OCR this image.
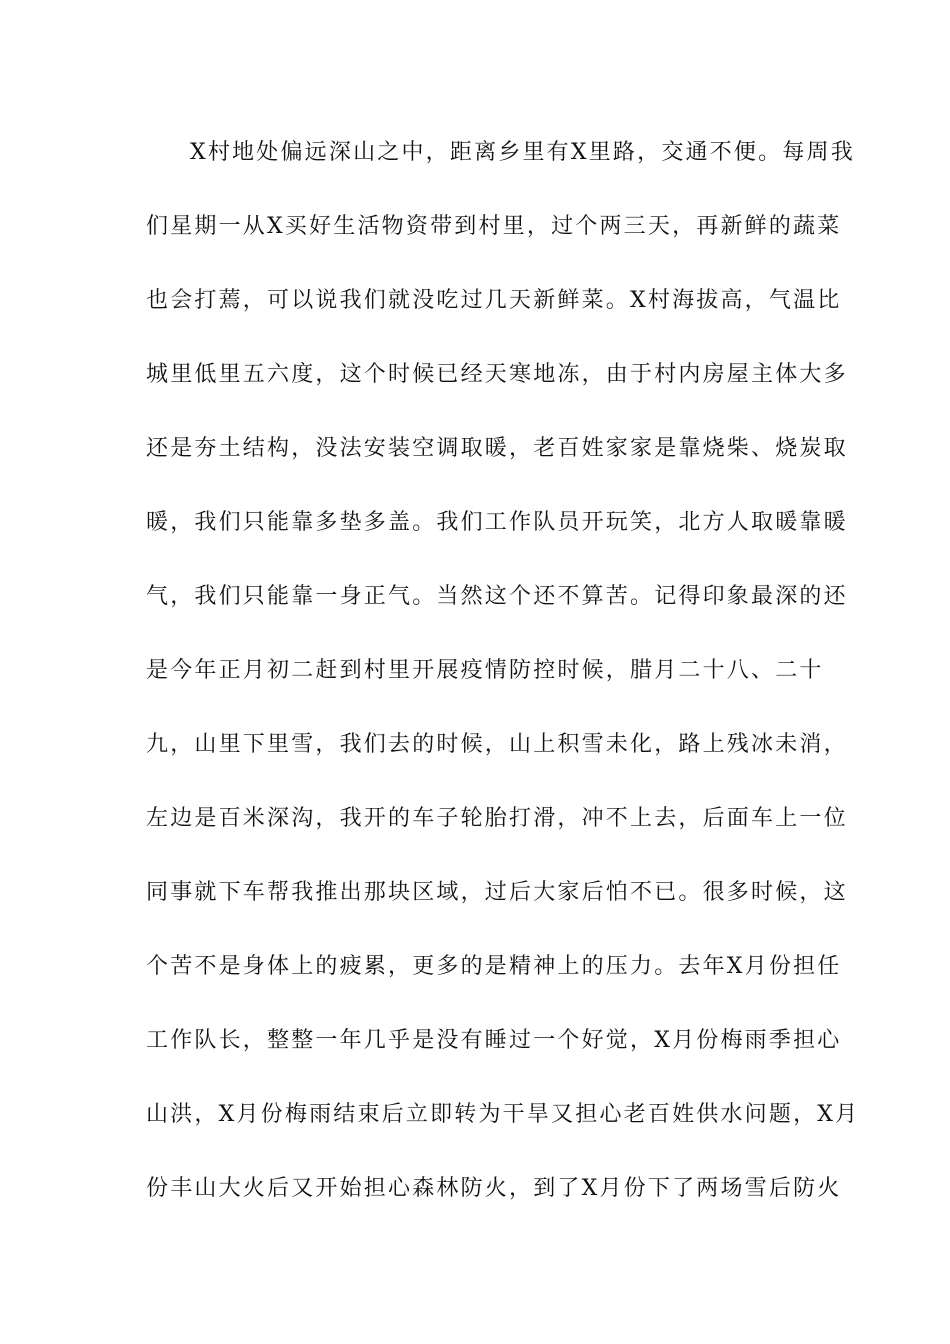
X村地处偏远深山之中，距离乡里有X里路，交通不便。每周我
们星期一从X买好生活物资带到村里，过个两三天，再新鲜的蔬菜
也会打蔫，可以说我们就没吃过几天新鲜菜。X村海拔高，气温比
城里低里五六度，这个时候已经天寒地冻，由于村内房屋主体大多
还是夯土结构，没法安装空调取暖，老百姓家家是靠烧柴、烧炭取
暖，我们只能靠多垫多盖。我们工作队员开玩笑，北方人取暖靠暖
气，我们只能靠一身正气。当然这个还不算苦。记得印象最深的还
是今年正月初二赶到村里开展疫情防控时候，腊月二十八、二十
九，山里下里雪，我们去的时候，山上积雪未化，路上残冰未消，
左边是百米深沟，我开的车子轮胎打滑，冲不上去，后面车上一位
同事就下车帮我推出那块区域，过后大家后怕不已。很多时候，这
个苦不是身体上的疲累，更多的是精神上的压力。去年X月份担任
工作队长，整整一年几乎是没有睡过一个好觉，X月份梅雨季担心
山洪，X月份梅雨结束后立即转为干旱又担心老百姓供水问题，X月
份丰山大火后又开始担心森林防火，到了X月份下了两场雪后防火
